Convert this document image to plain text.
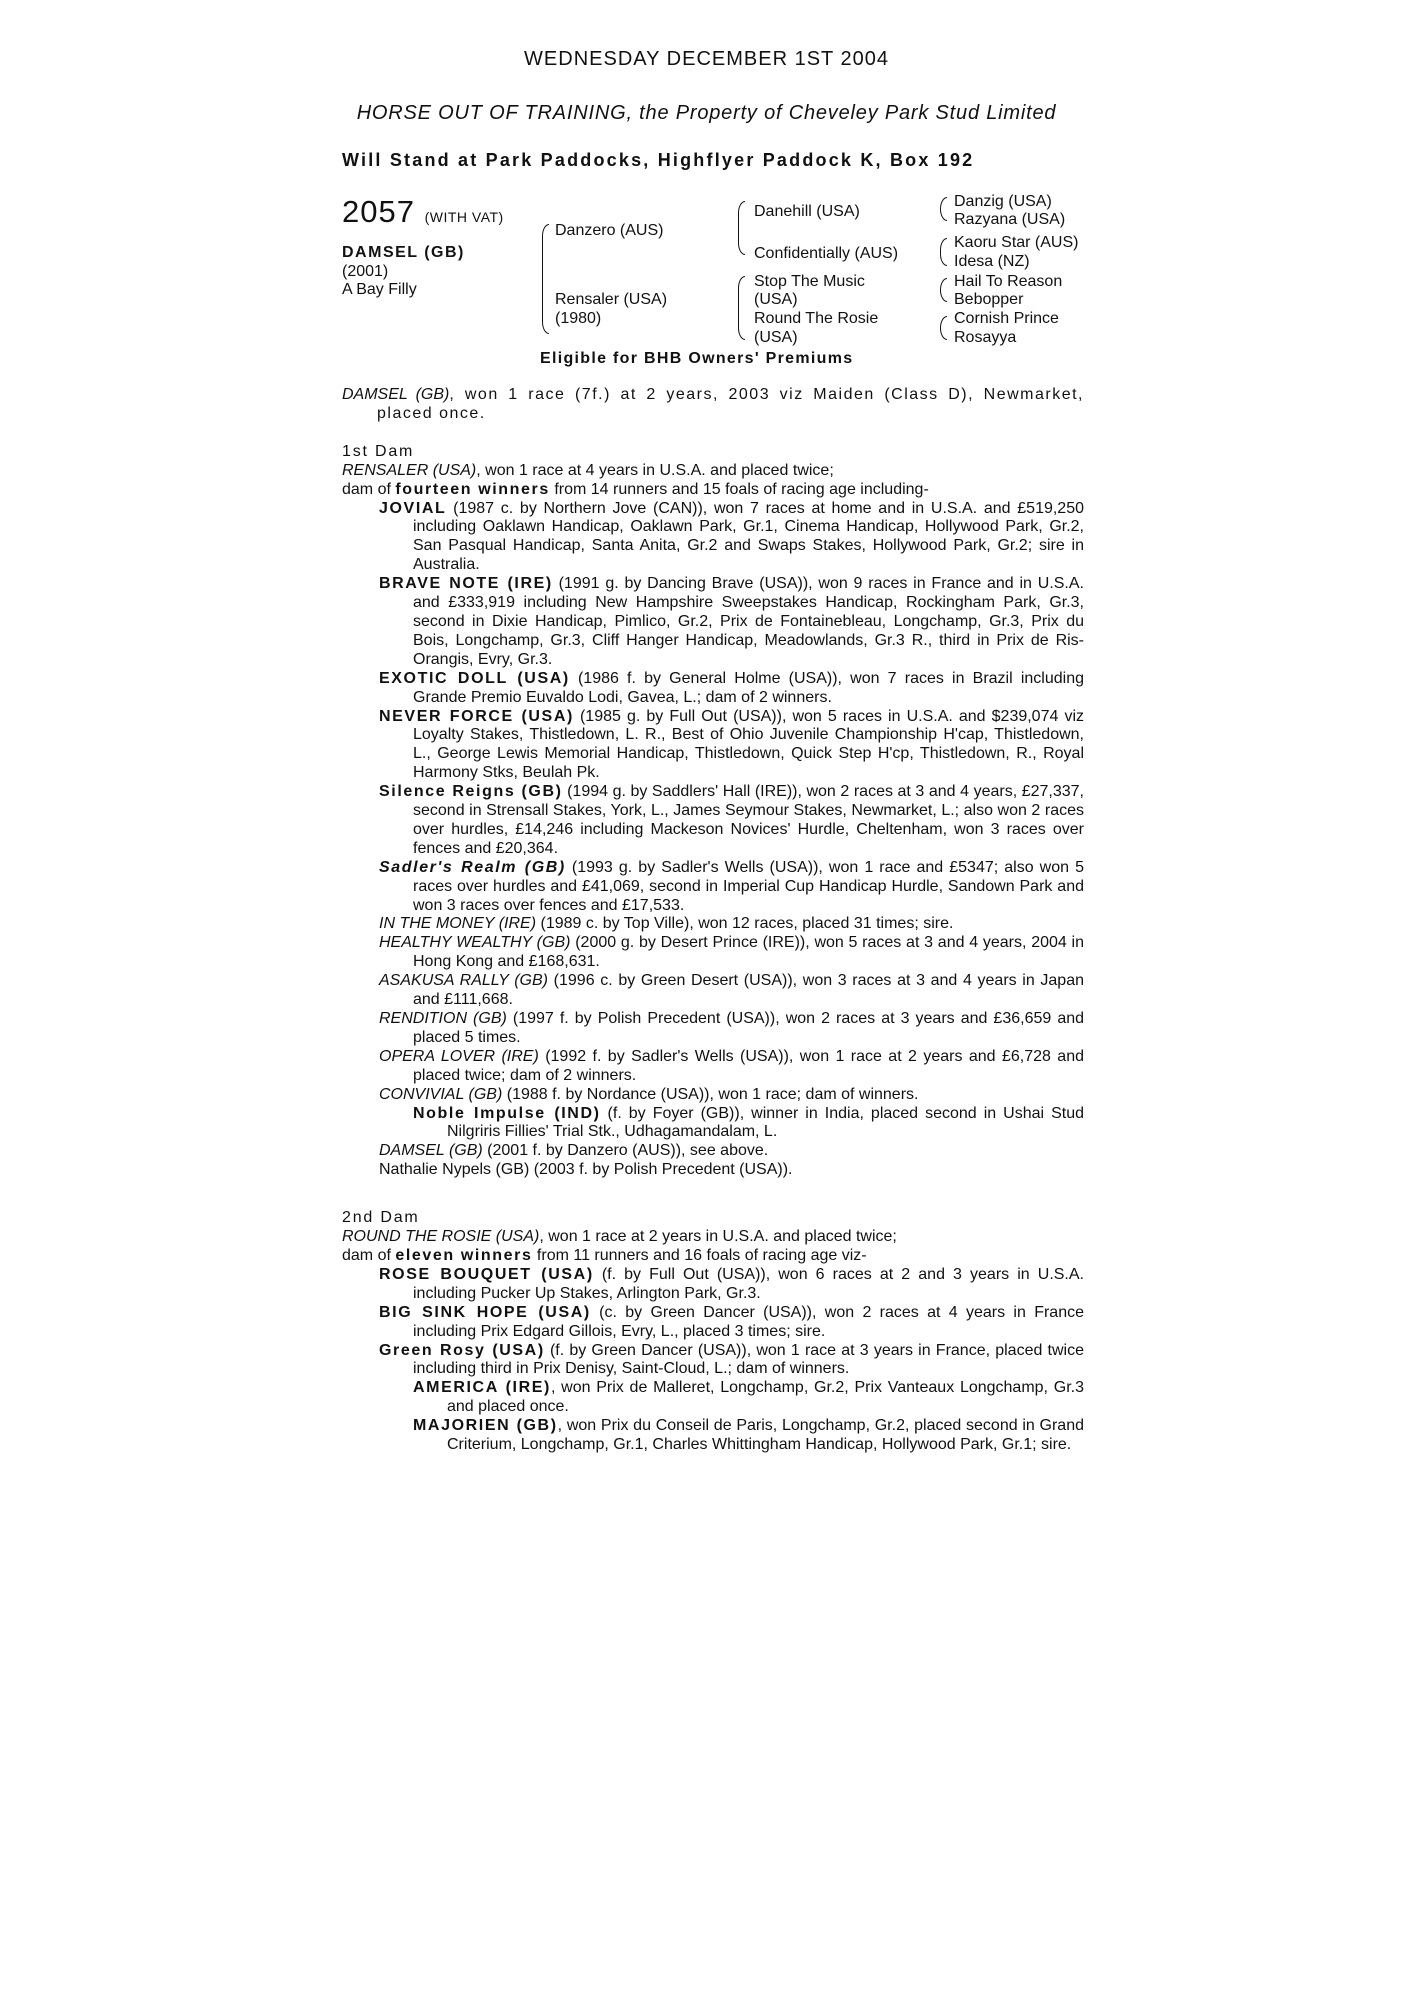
WEDNESDAY DECEMBER 1ST 2004
HORSE OUT OF TRAINING, the Property of Cheveley Park Stud Limited
Will Stand at Park Paddocks, Highflyer Paddock K, Box 192
2057 (WITH VAT)
DAMSEL (GB)
(2001)
A Bay Filly
Danzero (AUS)
Rensaler (USA)
(1980)
Danehill (USA)
Confidentially (AUS)
Stop The Music
(USA)
Round The Rosie
(USA)
Danzig (USA)
Razyana (USA)
Kaoru Star (AUS)
Idesa (NZ)
Hail To Reason
Bebopper
Cornish Prince
Rosayya
Eligible for BHB Owners' Premiums

DAMSEL (GB), won 1 race (7f.) at 2 years, 2003 viz Maiden (Class D), Newmarket, placed once.

1st Dam

RENSALER (USA), won 1 race at 4 years in U.S.A. and placed twice;

dam of fourteen winners from 14 runners and 15 foals of racing age including-

JOVIAL (1987 c. by Northern Jove (CAN)), won 7 races at home and in U.S.A. and £519,250 including Oaklawn Handicap, Oaklawn Park, Gr.1, Cinema Handicap, Hollywood Park, Gr.2, San Pasqual Handicap, Santa Anita, Gr.2 and Swaps Stakes, Hollywood Park, Gr.2; sire in Australia.

BRAVE NOTE (IRE) (1991 g. by Dancing Brave (USA)), won 9 races in France and in U.S.A. and £333,919 including New Hampshire Sweepstakes Handicap, Rockingham Park, Gr.3, second in Dixie Handicap, Pimlico, Gr.2, Prix de Fontainebleau, Longchamp, Gr.3, Prix du Bois, Longchamp, Gr.3, Cliff Hanger Handicap, Meadowlands, Gr.3 R., third in Prix de Ris-Orangis, Evry, Gr.3.

EXOTIC DOLL (USA) (1986 f. by General Holme (USA)), won 7 races in Brazil including Grande Premio Euvaldo Lodi, Gavea, L.; dam of 2 winners.

NEVER FORCE (USA) (1985 g. by Full Out (USA)), won 5 races in U.S.A. and $239,074 viz Loyalty Stakes, Thistledown, L. R., Best of Ohio Juvenile Championship H'cap, Thistledown, L., George Lewis Memorial Handicap, Thistledown, Quick Step H'cp, Thistledown, R., Royal Harmony Stks, Beulah Pk.

Silence Reigns (GB) (1994 g. by Saddlers' Hall (IRE)), won 2 races at 3 and 4 years, £27,337, second in Strensall Stakes, York, L., James Seymour Stakes, Newmarket, L.; also won 2 races over hurdles, £14,246 including Mackeson Novices' Hurdle, Cheltenham, won 3 races over fences and £20,364.

Sadler's Realm (GB) (1993 g. by Sadler's Wells (USA)), won 1 race and £5347; also won 5 races over hurdles and £41,069, second in Imperial Cup Handicap Hurdle, Sandown Park and won 3 races over fences and £17,533.

IN THE MONEY (IRE) (1989 c. by Top Ville), won 12 races, placed 31 times; sire.

HEALTHY WEALTHY (GB) (2000 g. by Desert Prince (IRE)), won 5 races at 3 and 4 years, 2004 in Hong Kong and £168,631.

ASAKUSA RALLY (GB) (1996 c. by Green Desert (USA)), won 3 races at 3 and 4 years in Japan and £111,668.

RENDITION (GB) (1997 f. by Polish Precedent (USA)), won 2 races at 3 years and £36,659 and placed 5 times.

OPERA LOVER (IRE) (1992 f. by Sadler's Wells (USA)), won 1 race at 2 years and £6,728 and placed twice; dam of 2 winners.

CONVIVIAL (GB) (1988 f. by Nordance (USA)), won 1 race; dam of winners.

Noble Impulse (IND) (f. by Foyer (GB)), winner in India, placed second in Ushai Stud Nilgriris Fillies' Trial Stk., Udhagamandalam, L.

DAMSEL (GB) (2001 f. by Danzero (AUS)), see above.

Nathalie Nypels (GB) (2003 f. by Polish Precedent (USA)).

2nd Dam

ROUND THE ROSIE (USA), won 1 race at 2 years in U.S.A. and placed twice;

dam of eleven winners from 11 runners and 16 foals of racing age viz-

ROSE BOUQUET (USA) (f. by Full Out (USA)), won 6 races at 2 and 3 years in U.S.A. including Pucker Up Stakes, Arlington Park, Gr.3.

BIG SINK HOPE (USA) (c. by Green Dancer (USA)), won 2 races at 4 years in France including Prix Edgard Gillois, Evry, L., placed 3 times; sire.

Green Rosy (USA) (f. by Green Dancer (USA)), won 1 race at 3 years in France, placed twice including third in Prix Denisy, Saint-Cloud, L.; dam of winners.

AMERICA (IRE), won Prix de Malleret, Longchamp, Gr.2, Prix Vanteaux Longchamp, Gr.3 and placed once.

MAJORIEN (GB), won Prix du Conseil de Paris, Longchamp, Gr.2, placed second in Grand Criterium, Longchamp, Gr.1, Charles Whittingham Handicap, Hollywood Park, Gr.1; sire.
